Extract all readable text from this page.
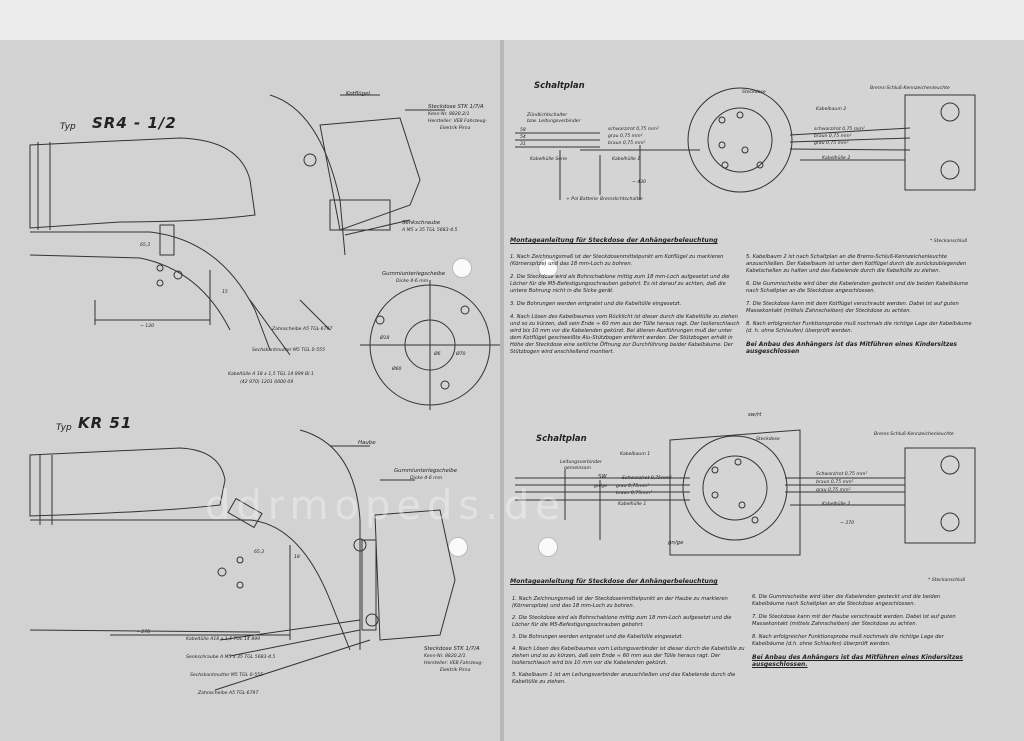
Typ SR4 - 1/2
Kotflügel
Steckdose STK 1/7/A
Kenn-Nr. 8820.2/1
Hersteller: VEB Fahrzeug-
Elektrik Pirna
Senkschraube
A M5 x 35 TGL 5683-4.5
Gummiunterlegscheibe
Dicke 4-6 mm
Zahnscheibe A5 TGL-6797
Sechskantmutter M5 TGL 0-555
Kabeltülle A 18 x 1,5 TGL 14 899 Bl.1
(42 970) 1201 0000 09
65,3
~ 120
15
Ø18
Ø6
Ø60
Ø70
Typ KR 51
Haube
Gummiunterlegscheibe
Dicke 4-6 mm
Kabeltülle A18 x 1,5 TGL 14 899
Senkschraube A M5 x 35 TGL 5683-4.5
Sechskantmutter M5 TGL 0-555
Zahnscheibe A5 TGL-6797
Steckdose STK 1/7/A
Kenn-Nr. 8820.2/1
Hersteller: VEB Fahrzeug-
Elektrik Pirna
65,3
~ 270
18
ddrmopeds.de
Schaltplan
Zündlichtschalter
bzw. Leitungsverbinder
58
54
31
Kabelhülle Serie
schwarz/rot 0,75 mm²
grau 0,75 mm²
braun 0,75 mm²
Kabelhülle 1
~ 430
+ Pol Batterie Bremslichtschalter
Steckdose
Kabelbaum 2
Kabelhülle 2
Brems-Schluß-Kennzeichenleuchte
schwarz/rot 0,75 mm²
braun 0,75 mm²
grau 0,75 mm²
* Steckanschluß
Montageanleitung für Steckdose der Anhängerbeleuchtung

1. Nach Zeichnungsmaß ist der Steckdosenmittelpunkt am Kotflügel zu markieren (Körnerspitze) und das 18 mm-Loch zu bohren.

2. Die Steckdose wird als Bohrschablone mittig zum 18 mm-Loch aufgesetzt und die Löcher für die M5-Befestigungsschrauben gebohrt. Es ist darauf zu achten, daß die untere Bohrung nicht in die Sicke gerät.

3. Die Bohrungen werden entgratet und die Kabeltülle eingesetzt.

4. Nach Lösen des Kabelbaumes vom Rücklicht ist dieser durch die Kabeltülle zu ziehen und so zu kürzen, daß sein Ende ≈ 60 mm aus der Tülle heraus ragt. Der Isolierschlauch wird bis 10 mm vor die Kabelenden gekürzt. Bei älteren Ausführungen muß der unter dem Kotflügel geschweißte Alu-Stützbogen entfernt werden. Der Stützbogen erhält in Höhe der Steckdose eine seitliche Öffnung zur Durchführung beider Kabelbäume. Der Stützbogen wird anschließend montiert.

5. Kabelbaum 2 ist nach Schaltplan an die Brems-Schluß-Kennzeichenleuchte anzuschließen. Der Kabelbaum ist unter dem Kotflügel durch die zurückzubiegenden Kabelschellen zu halten und das Kabelende durch die Kabeltülle zu ziehen.

6. Die Gummischeibe wird über die Kabelenden gesteckt und die beiden Kabelbäume nach Schaltplan an die Steckdose angeschlossen.

7. Die Steckdose kann mit dem Kotflügel verschraubt werden. Dabei ist auf guten Massekontakt (mittels Zahnscheiben) der Steckdose zu achten.

8. Nach erfolgreicher Funktionsprobe muß nochmals die richtige Lage der Kabelbäume (d. h. ohne Schlaufen) überprüft werden.

Bei Anbau des Anhängers ist das Mitführen eines Kindersitzes ausgeschlossen

Schaltplan
sw/rt
Leitungsverbinder
gemeinsam
Kabelbaum 1
Kabelhülle 1
SW	Schwarz/rot 0,75mm²
gn/ge grau 0,75mm²
braun 0,75mm²
Steckdose
Brems-Schluß-Kennzeichenleuchte
Schwarz/rot 0,75 mm²
braun 0,75 mm²
grau 0,75 mm²
Kabelhülle 2
~ 370
gn/ge
* Steckanschluß
Montageanleitung für Steckdose der Anhängerbeleuchtung

1. Nach Zeichnungsmaß ist der Steckdosenmittelpunkt an der Haube zu markieren (Körnerspitze) und das 18 mm-Loch zu bohren.

2. Die Steckdose wird als Bohrschablone mittig zum 18 mm-Loch aufgesetzt und die Löcher für die M5-Befestigungsschrauben gebohrt.

3. Die Bohrungen werden entgratet und die Kabeltülle eingesetzt.

4. Nach Lösen des Kabelbaumes vom Leitungsverbinder ist dieser durch die Kabeltülle zu ziehen und so zu kürzen, daß sein Ende ≈ 60 mm aus der Tülle heraus ragt. Der Isolierschlauch wird bis 10 mm vor die Kabelenden gekürzt.

5. Kabelbaum 1 ist am Leitungsverbinder anzuschließen und das Kabelende durch die Kabeltülle zu ziehen.

6. Die Gummischeibe wird über die Kabelenden gesteckt und die beiden Kabelbäume nach Schaltplan an die Steckdose angeschlossen.

7. Die Steckdose kann mit der Haube verschraubt werden. Dabei ist auf guten Massekontakt (mittels Zahnscheiben) der Steckdose zu achten.

8. Nach erfolgreicher Funktionsprobe muß nochmals die richtige Lage der Kabelbäume (d.h. ohne Schlaufen) überprüft werden.

Bei Anbau des Anhängers ist das Mitführen eines Kindersitzes ausgeschlossen.
